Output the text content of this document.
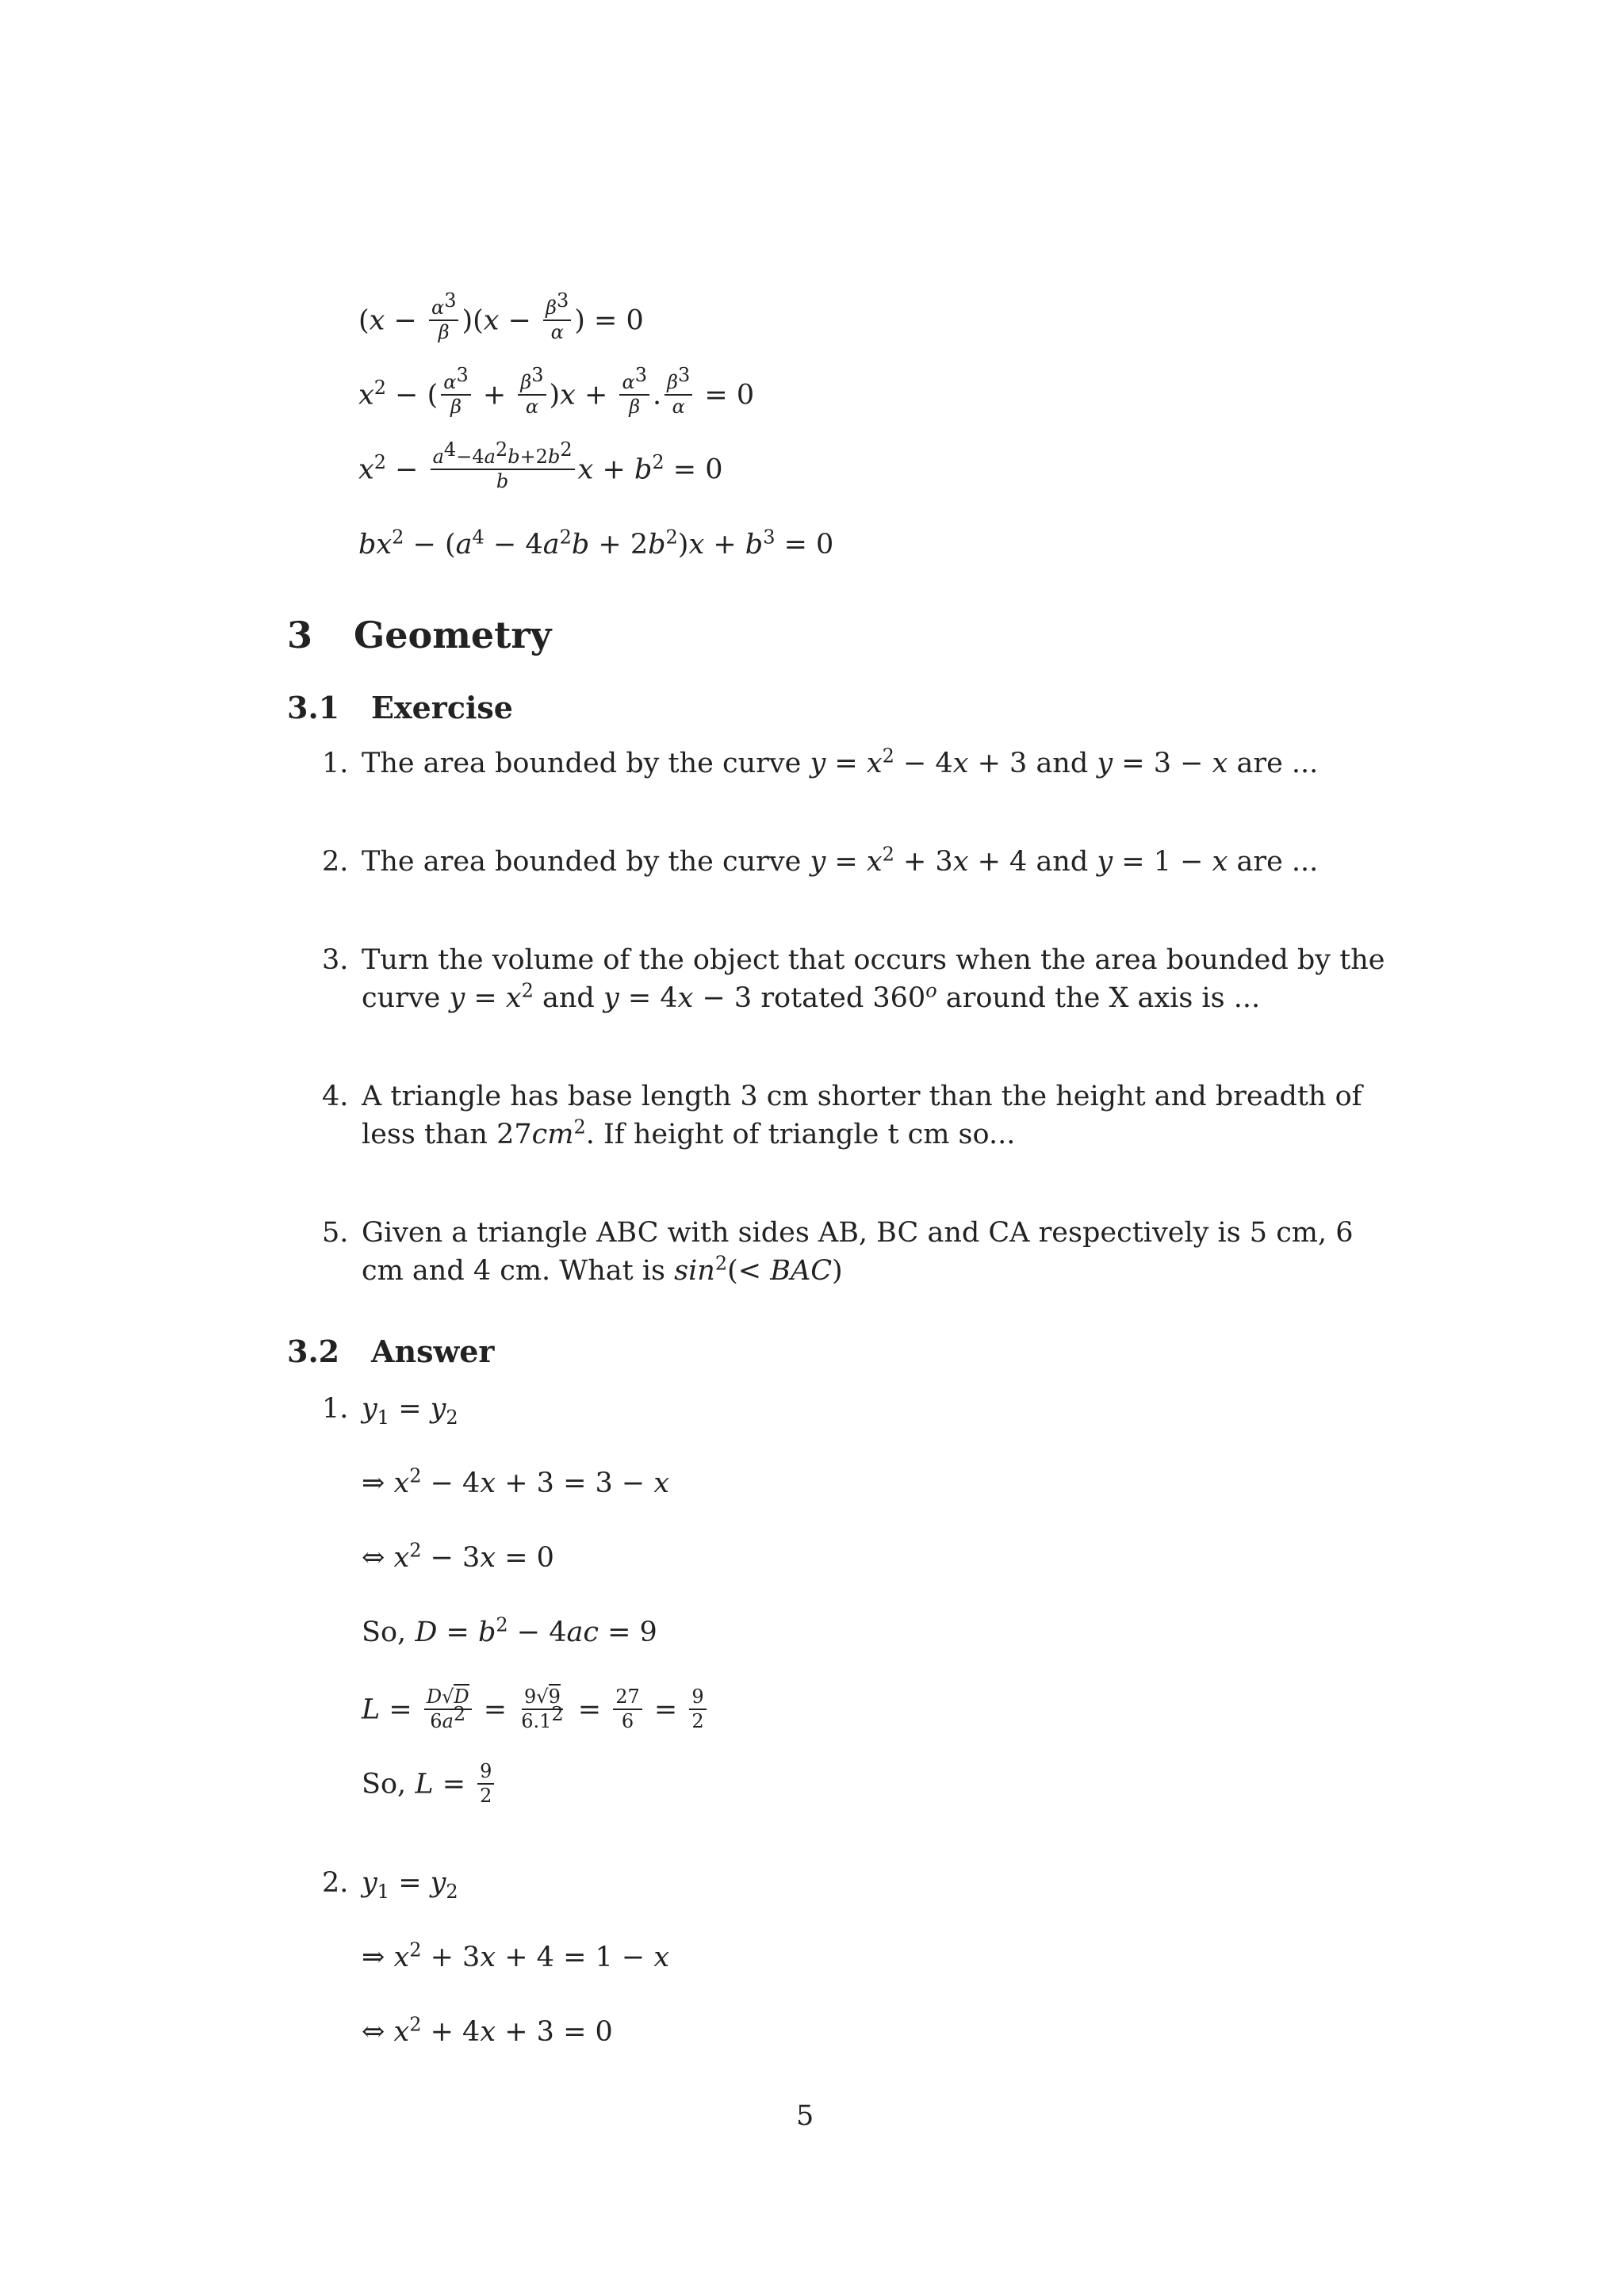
$(x - \frac{\alpha^3}{\beta} )(x - \frac{\beta^3}{\alpha}$ ) = 0
$x^2$ − ( $\frac{\alpha^3}{\beta} + \frac{\beta^3}{\alpha} )x + \frac{\alpha^3}{\beta}$ . $\frac{\beta^3}{\alpha} = 0$
$x^2 - \frac{a^4-4a^2b+2b^2}{b}$ $x + b^2 = 0$
$bx^2 - (a^4 - 4a^2b + 2b^2)x + b^3 = 0$
3 Geometry
3.1 Exercise
1. The area bounded by the curve $y = x^2 - 4x + 3$ and y = 3 − x are ...
2. The area bounded by the curve $y = x^2 + 3x + 4$ and y = 1 − x are ...
3. Turn the volume of the object that occurs when the area bounded by the
curve $y = x^2$ and y = 4x − 3 rotated 360$^o$ around the X axis is ...
4. A triangle has base length 3 cm shorter than the height and breadth of
less than $27cm^2$. If height of triangle t cm so...
5. Given a triangle ABC with sides AB, BC and CA respectively is 5 cm, 6
cm and 4 cm. What is $\sin^2(< BAC)$
3.2 Answer
1. $y_1 = y_2$
⇒ $x^2 - 4x + 3 = 3 - x$
⇔ $x^2 - 3x = 0$
So, $D = b^2 - 4ac = 9$
$L = \frac{D√D}{6a^2} = \frac{9√9}{6.1^2} = \frac{27}{6} = \frac{9}{2}$
So, $L = \frac{9}{2}$
2. $y_1 = y_2$
⇒ $x^2 + 3x + 4 = 1 - x$
⇔ $x^2 + 4x + 3 = 0$
5
